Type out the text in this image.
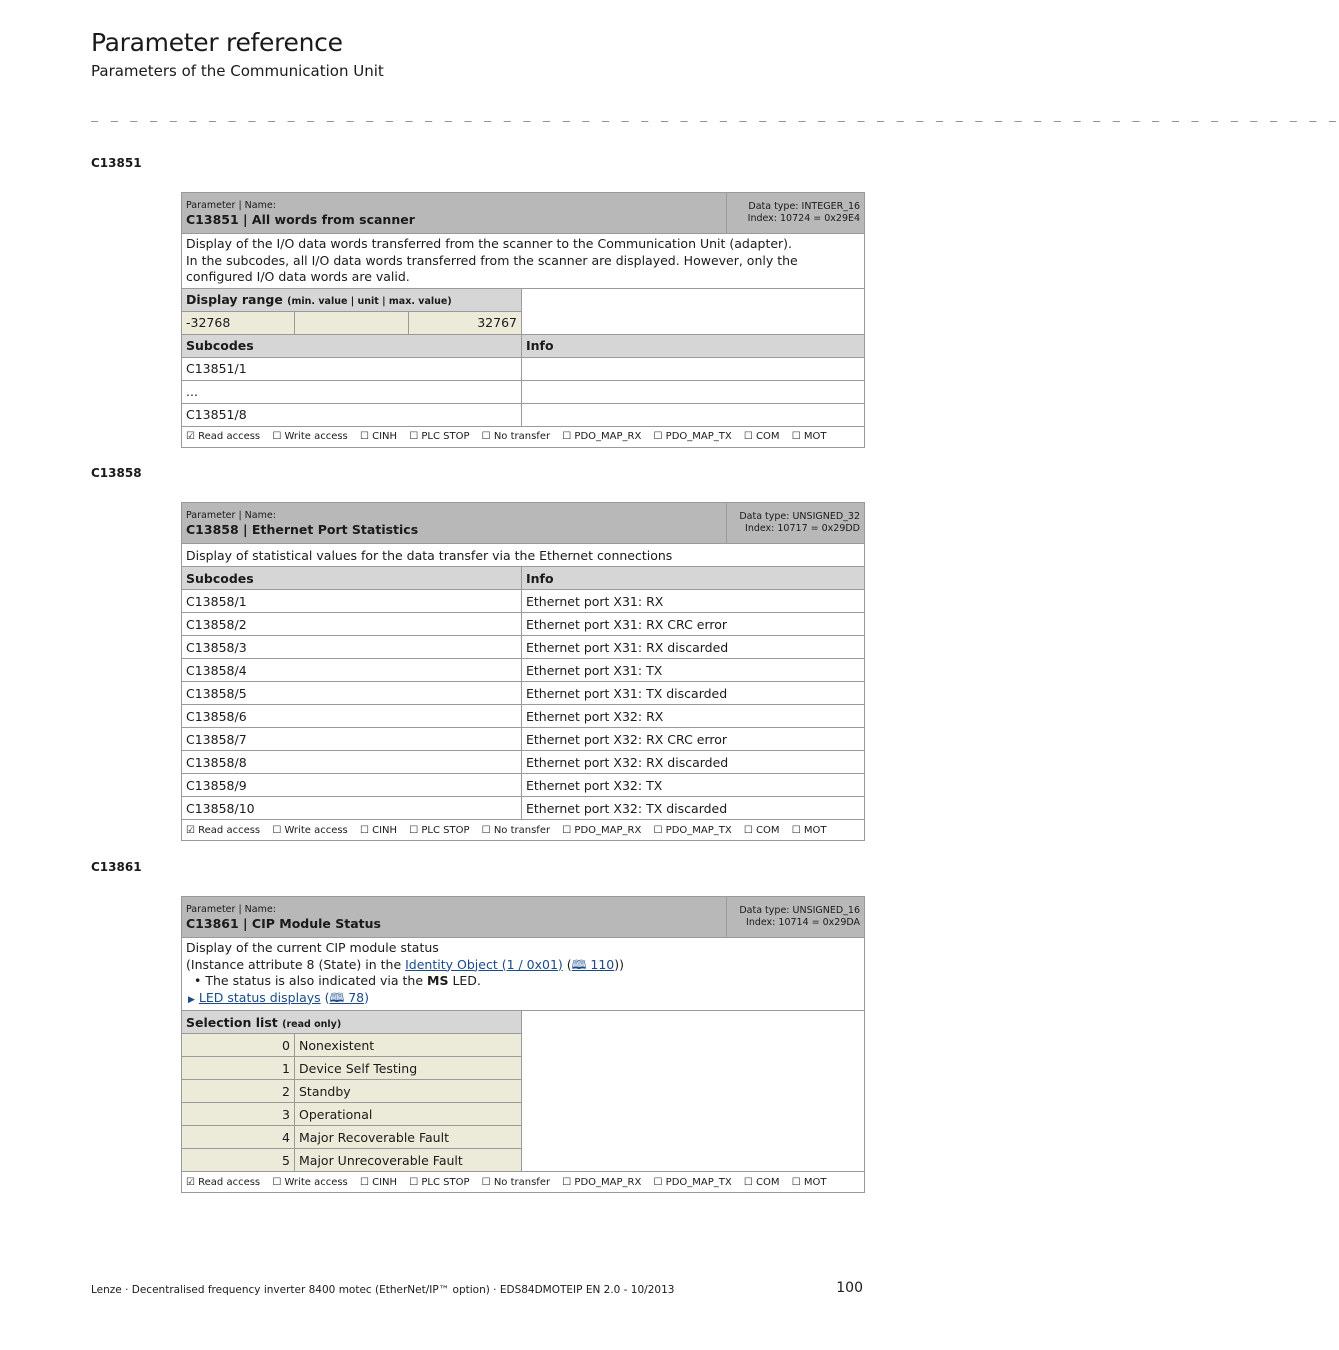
Parameter reference
Parameters of the Communication Unit
_ _ _ _ _ _ _ _ _ _ _ _ _ _ _ _ _ _ _ _ _ _ _ _ _ _ _ _ _ _ _ _ _ _ _ _ _ _ _ _ _ _ _ _ _ _ _ _ _ _ _ _ _ _ _ _ _ _ _ _ _ _ _ _
C13851
Parameter | Name:
C13851 | All words from scanner				Data type: INTEGER_16
Index: 10724 = 0x29E4
Display of the I/O data words transferred from the scanner to the Communication Unit (adapter).
In the subcodes, all I/O data words transferred from the scanner are displayed. However, only the configured I/O data words are valid.				
Display range (min. value | unit | max. value)				
-32768		32767		
Subcodes			Info	
C13851/1				
...				
C13851/8				
☑ Read access ☐ Write access ☐ CINH ☐ PLC STOP ☐ No transfer ☐ PDO_MAP_RX ☐ PDO_MAP_TX ☐ COM ☐ MOT				
C13858
Parameter | Name:
C13858 | Ethernet Port Statistics		Data type: UNSIGNED_32
Index: 10717 = 0x29DD
Display of statistical values for the data transfer via the Ethernet connections		
Subcodes	Info	
C13858/1	Ethernet port X31: RX	
C13858/2	Ethernet port X31: RX CRC error	
C13858/3	Ethernet port X31: RX discarded	
C13858/4	Ethernet port X31: TX	
C13858/5	Ethernet port X31: TX discarded	
C13858/6	Ethernet port X32: RX	
C13858/7	Ethernet port X32: RX CRC error	
C13858/8	Ethernet port X32: RX discarded	
C13858/9	Ethernet port X32: TX	
C13858/10	Ethernet port X32: TX discarded	
☑ Read access ☐ Write access ☐ CINH ☐ PLC STOP ☐ No transfer ☐ PDO_MAP_RX ☐ PDO_MAP_TX ☐ COM ☐ MOT		
C13861
Parameter | Name:
C13861 | CIP Module Status			Data type: UNSIGNED_16
Index: 10714 = 0x29DA
Display of the current CIP module status
(Instance attribute 8 (State) in the Identity Object (1 / 0x01) (🕮 110))
• The status is also indicated via the MS LED.
▶ LED status displays (🕮 78)			
Selection list (read only)			
0	Nonexistent		
1	Device Self Testing		
2	Standby		
3	Operational		
4	Major Recoverable Fault		
5	Major Unrecoverable Fault		
☑ Read access ☐ Write access ☐ CINH ☐ PLC STOP ☐ No transfer ☐ PDO_MAP_RX ☐ PDO_MAP_TX ☐ COM ☐ MOT			
Lenze · Decentralised frequency inverter 8400 motec (EtherNet/IP™ option) · EDS84DMOTEIP EN 2.0 - 10/2013	100
